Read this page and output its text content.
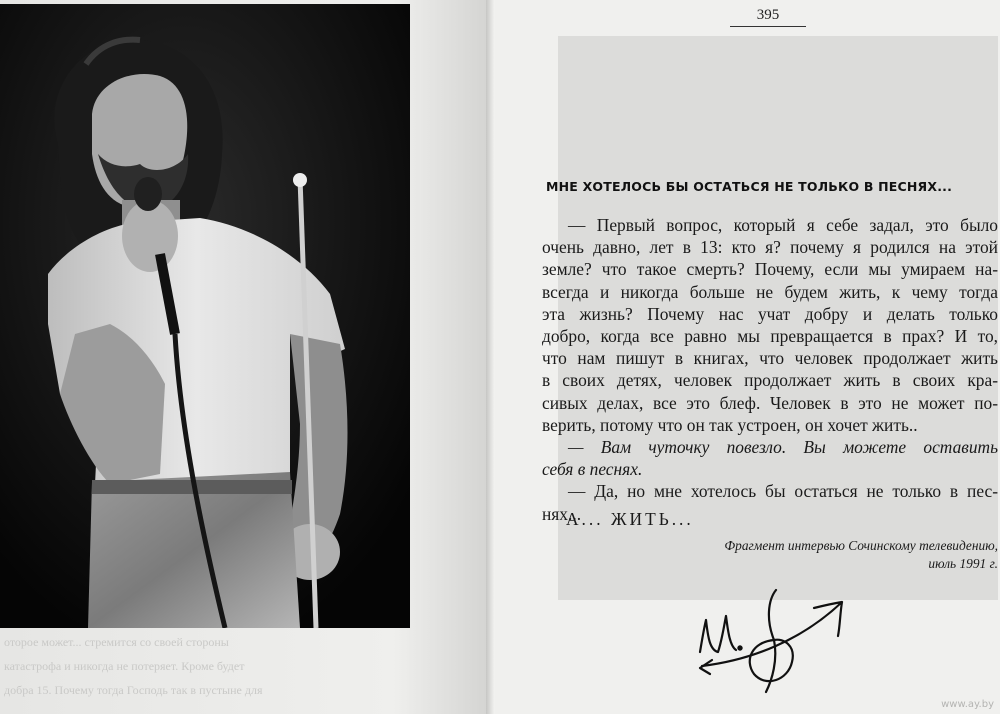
оторое может... стремится со своей стороны
катастрофа и никогда не потеряет. Кроме будет
добра 15. Почему тогда Господь так в пустыне для
395
МНЕ ХОТЕЛОСЬ БЫ ОСТАТЬСЯ НЕ ТОЛЬКО В ПЕСНЯХ...

— Первый вопрос, который я себе задал, это было
очень давно, лет в 13: кто я? почему я родился на этой
земле? что такое смерть? Почему, если мы умираем на-
всегда и никогда больше не будем жить, к чему тогда
эта жизнь? Почему нас учат добру и делать только
добро, когда все равно мы превращается в прах? И то,
что нам пишут в книгах, что человек продолжает жить
в своих детях, человек продолжает жить в своих кра-
сивых делах, все это блеф. Человек в это не может по-
верить, потому что он так устроен, он хочет жить..

— Вам чуточку повезло. Вы можете оставить
себя в песнях.

— Да, но мне хотелось бы остаться не только в пес-
нях...

А... ЖИТЬ...
Фрагмент интервью Сочинскому телевидению,
июль 1991 г.
www.ay.by
